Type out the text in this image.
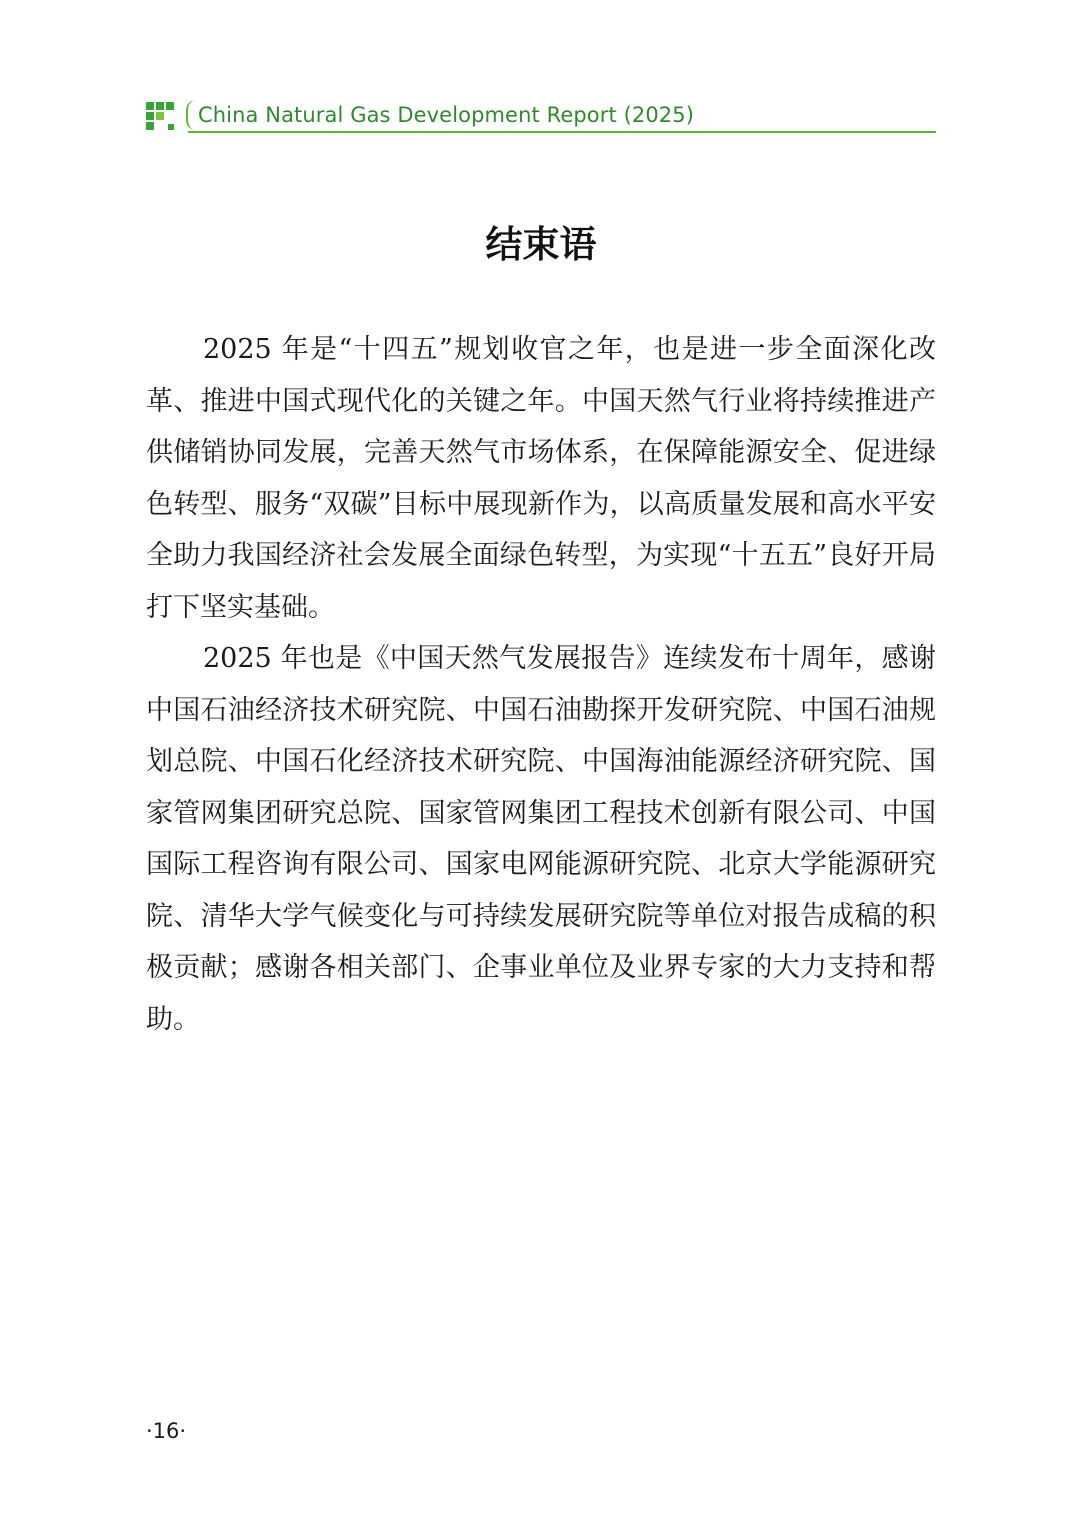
China Natural Gas Development Report (2025)
结束语

2025 年是“十四五”规划收官之年，也是进一步全面深化改革、推进中国式现代化的关键之年。中国天然气行业将持续推进产供储销协同发展，完善天然气市场体系，在保障能源安全、促进绿色转型、服务“双碳”目标中展现新作为，以高质量发展和高水平安全助力我国经济社会发展全面绿色转型，为实现“十五五”良好开局打下坚实基础。

2025 年也是《中国天然气发展报告》连续发布十周年，感谢中国石油经济技术研究院、中国石油勘探开发研究院、中国石油规划总院、中国石化经济技术研究院、中国海油能源经济研究院、国家管网集团研究总院、国家管网集团工程技术创新有限公司、中国国际工程咨询有限公司、国家电网能源研究院、北京大学能源研究院、清华大学气候变化与可持续发展研究院等单位对报告成稿的积极贡献；感谢各相关部门、企事业单位及业界专家的大力支持和帮助。

·16·
